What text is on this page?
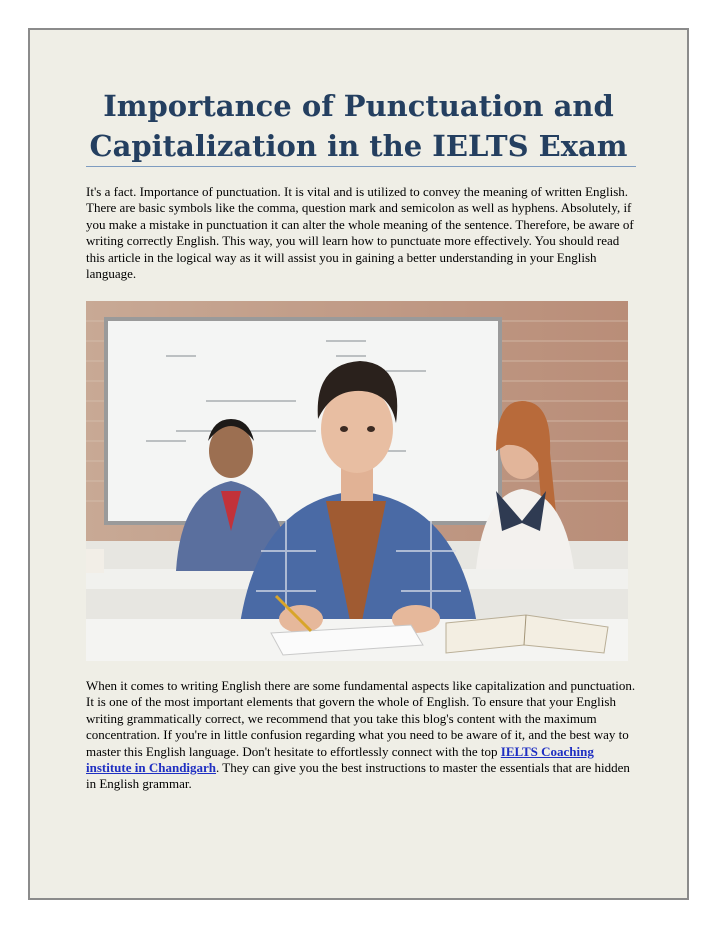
Importance of Punctuation and
Capitalization in the IELTS Exam

It's a fact. Importance of punctuation. It is vital and is utilized to convey the meaning of written English. There are basic symbols like the comma, question mark and semicolon as well as hyphens. Absolutely, if you make a mistake in punctuation it can alter the whole meaning of the sentence. Therefore, be aware of writing correctly English. This way, you will learn how to punctuate more effectively. You should read this article in the logical way as it will assist you in gaining a better understanding in your English language.

When it comes to writing English there are some fundamental aspects like capitalization and punctuation. It is one of the most important elements that govern the whole of English. To ensure that your English writing grammatically correct, we recommend that you take this blog's content with the maximum concentration. If you're in little confusion regarding what you need to be aware of it, and the best way to master this English language. Don't hesitate to effortlessly connect with the top IELTS Coaching institute in Chandigarh. They can give you the best instructions to master the essentials that are hidden in English grammar.
